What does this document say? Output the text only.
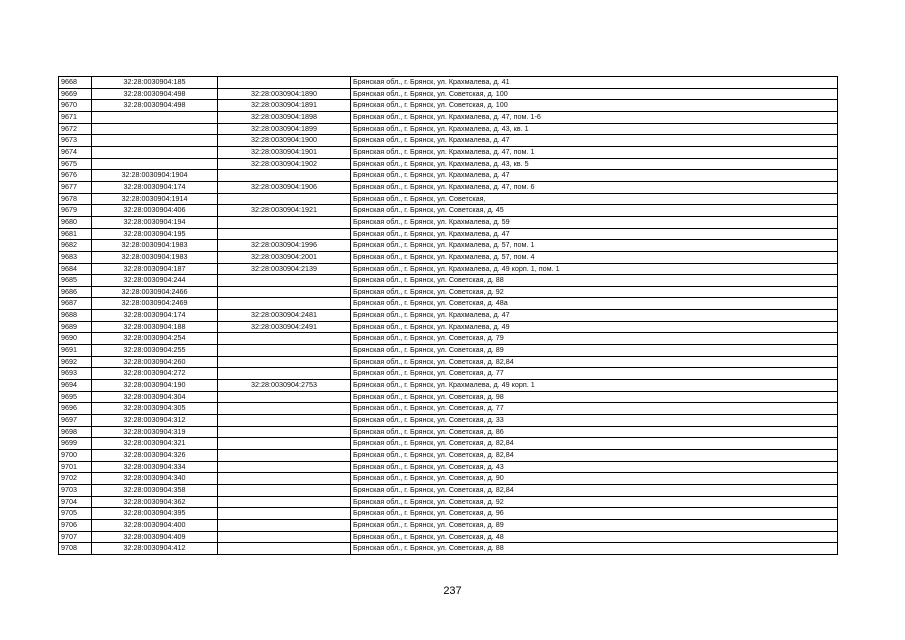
9668	32:28:0030904:185		Брянская обл., г. Брянск, ул. Крахмалева, д. 41
9669	32:28:0030904:498	32:28:0030904:1890	Брянская обл., г. Брянск, ул. Советская, д. 100
9670	32:28:0030904:498	32:28:0030904:1891	Брянская обл., г. Брянск, ул. Советская, д. 100
9671		32:28:0030904:1898	Брянская обл., г. Брянск, ул. Крахмалева, д. 47, пом. 1-6
9672		32:28:0030904:1899	Брянская обл., г. Брянск, ул. Крахмалева, д. 43, кв. 1
9673		32:28:0030904:1900	Брянская обл., г. Брянск, ул. Крахмалева, д. 47
9674		32:28:0030904:1901	Брянская обл., г. Брянск, ул. Крахмалева, д. 47, пом. 1
9675		32:28:0030904:1902	Брянская обл., г. Брянск, ул. Крахмалева, д. 43, кв. 5
9676	32:28:0030904:1904		Брянская обл., г. Брянск, ул. Крахмалева, д. 47
9677	32:28:0030904:174	32:28:0030904:1906	Брянская обл., г. Брянск, ул. Крахмалева, д. 47, пом. 6
9678	32:28:0030904:1914		Брянская обл., г. Брянск, ул. Советская,
9679	32:28:0030904:406	32:28:0030904:1921	Брянская обл., г. Брянск, ул. Советская, д. 45
9680	32:28:0030904:194		Брянская обл., г. Брянск, ул. Крахмалева, д. 59
9681	32:28:0030904:195		Брянская обл., г. Брянск, ул. Крахмалева, д. 47
9682	32:28:0030904:1983	32:28:0030904:1996	Брянская обл., г. Брянск, ул. Крахмалева, д. 57, пом. 1
9683	32:28:0030904:1983	32:28:0030904:2001	Брянская обл., г. Брянск, ул. Крахмалева, д. 57, пом. 4
9684	32:28:0030904:187	32:28:0030904:2139	Брянская обл., г. Брянск, ул. Крахмалева, д. 49 корп. 1, пом. 1
9685	32:28:0030904:244		Брянская обл., г. Брянск, ул. Советская, д. 88
9686	32:28:0030904:2466		Брянская обл., г. Брянск, ул. Советская, д. 92
9687	32:28:0030904:2469		Брянская обл., г. Брянск, ул. Советская, д. 48а
9688	32:28:0030904:174	32:28:0030904:2481	Брянская обл., г. Брянск, ул. Крахмалева, д. 47
9689	32:28:0030904:188	32:28:0030904:2491	Брянская обл., г. Брянск, ул. Крахмалева, д. 49
9690	32:28:0030904:254		Брянская обл., г. Брянск, ул. Советская, д. 79
9691	32:28:0030904:255		Брянская обл., г. Брянск, ул. Советская, д. 89
9692	32:28:0030904:260		Брянская обл., г. Брянск, ул. Советская, д. 82,84
9693	32:28:0030904:272		Брянская обл., г. Брянск, ул. Советская, д. 77
9694	32:28:0030904:190	32:28:0030904:2753	Брянская обл., г. Брянск, ул. Крахмалева, д. 49 корп. 1
9695	32:28:0030904:304		Брянская обл., г. Брянск, ул. Советская, д. 98
9696	32:28:0030904:305		Брянская обл., г. Брянск, ул. Советская, д. 77
9697	32:28:0030904:312		Брянская обл., г. Брянск, ул. Советская, д. 33
9698	32:28:0030904:319		Брянская обл., г. Брянск, ул. Советская, д. 86
9699	32:28:0030904:321		Брянская обл., г. Брянск, ул. Советская, д. 82,84
9700	32:28:0030904:326		Брянская обл., г. Брянск, ул. Советская, д. 82,84
9701	32:28:0030904:334		Брянская обл., г. Брянск, ул. Советская, д. 43
9702	32:28:0030904:340		Брянская обл., г. Брянск, ул. Советская, д. 90
9703	32:28:0030904:358		Брянская обл., г. Брянск, ул. Советская, д. 82,84
9704	32:28:0030904:362		Брянская обл., г. Брянск, ул. Советская, д. 92
9705	32:28:0030904:395		Брянская обл., г. Брянск, ул. Советская, д. 96
9706	32:28:0030904:400		Брянская обл., г. Брянск, ул. Советская, д. 89
9707	32:28:0030904:409		Брянская обл., г. Брянск, ул. Советская, д. 48
9708	32:28:0030904:412		Брянская обл., г. Брянск, ул. Советская, д. 88
237
